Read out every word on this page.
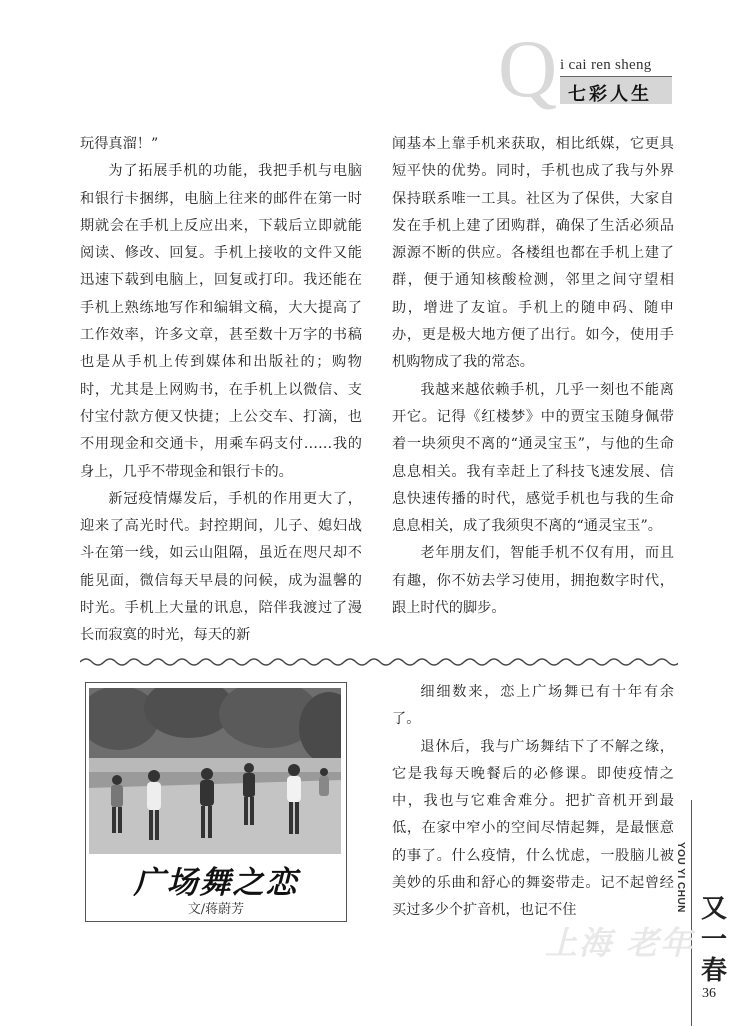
Q i cai ren sheng
七彩人生

玩得真溜！”

为了拓展手机的功能，我把手机与电脑和银行卡捆绑，电脑上往来的邮件在第一时期就会在手机上反应出来，下载后立即就能阅读、修改、回复。手机上接收的文件又能迅速下载到电脑上，回复或打印。我还能在手机上熟练地写作和编辑文稿，大大提高了工作效率，许多文章，甚至数十万字的书稿也是从手机上传到媒体和出版社的；购物时，尤其是上网购书，在手机上以微信、支付宝付款方便又快捷；上公交车、打滴，也不用现金和交通卡，用乘车码支付……我的身上，几乎不带现金和银行卡的。

新冠疫情爆发后，手机的作用更大了，迎来了高光时代。封控期间，儿子、媳妇战斗在第一线，如云山阻隔，虽近在咫尺却不能见面，微信每天早晨的问候，成为温馨的时光。手机上大量的讯息，陪伴我渡过了漫长而寂寞的时光，每天的新

闻基本上靠手机来获取，相比纸媒，它更具短平快的优势。同时，手机也成了我与外界保持联系唯一工具。社区为了保供，大家自发在手机上建了团购群，确保了生活必须品源源不断的供应。各楼组也都在手机上建了群，便于通知核酸检测，邻里之间守望相助，增进了友谊。手机上的随申码、随申办，更是极大地方便了出行。如今，使用手机购物成了我的常态。

我越来越依赖手机，几乎一刻也不能离开它。记得《红楼梦》中的贾宝玉随身佩带着一块须臾不离的“通灵宝玉”，与他的生命息息相关。我有幸赶上了科技飞速发展、信息快速传播的时代，感觉手机也与我的生命息息相关，成了我须臾不离的“通灵宝玉”。

老年朋友们，智能手机不仅有用，而且有趣，你不妨去学习使用，拥抱数字时代，跟上时代的脚步。

广场舞之恋
文/蒋蔚芳

细细数来，恋上广场舞已有十年有余了。

退休后，我与广场舞结下了不解之缘，它是我每天晚餐后的必修课。即使疫情之中，我也与它难舍难分。把扩音机开到最低，在家中窄小的空间尽情起舞，是最惬意的事了。什么疫情，什么忧虑，一股脑儿被美妙的乐曲和舒心的舞姿带走。记不起曾经买过多少个扩音机，也记不住	YOU YI CHUN 又一春
上海 老年
36
